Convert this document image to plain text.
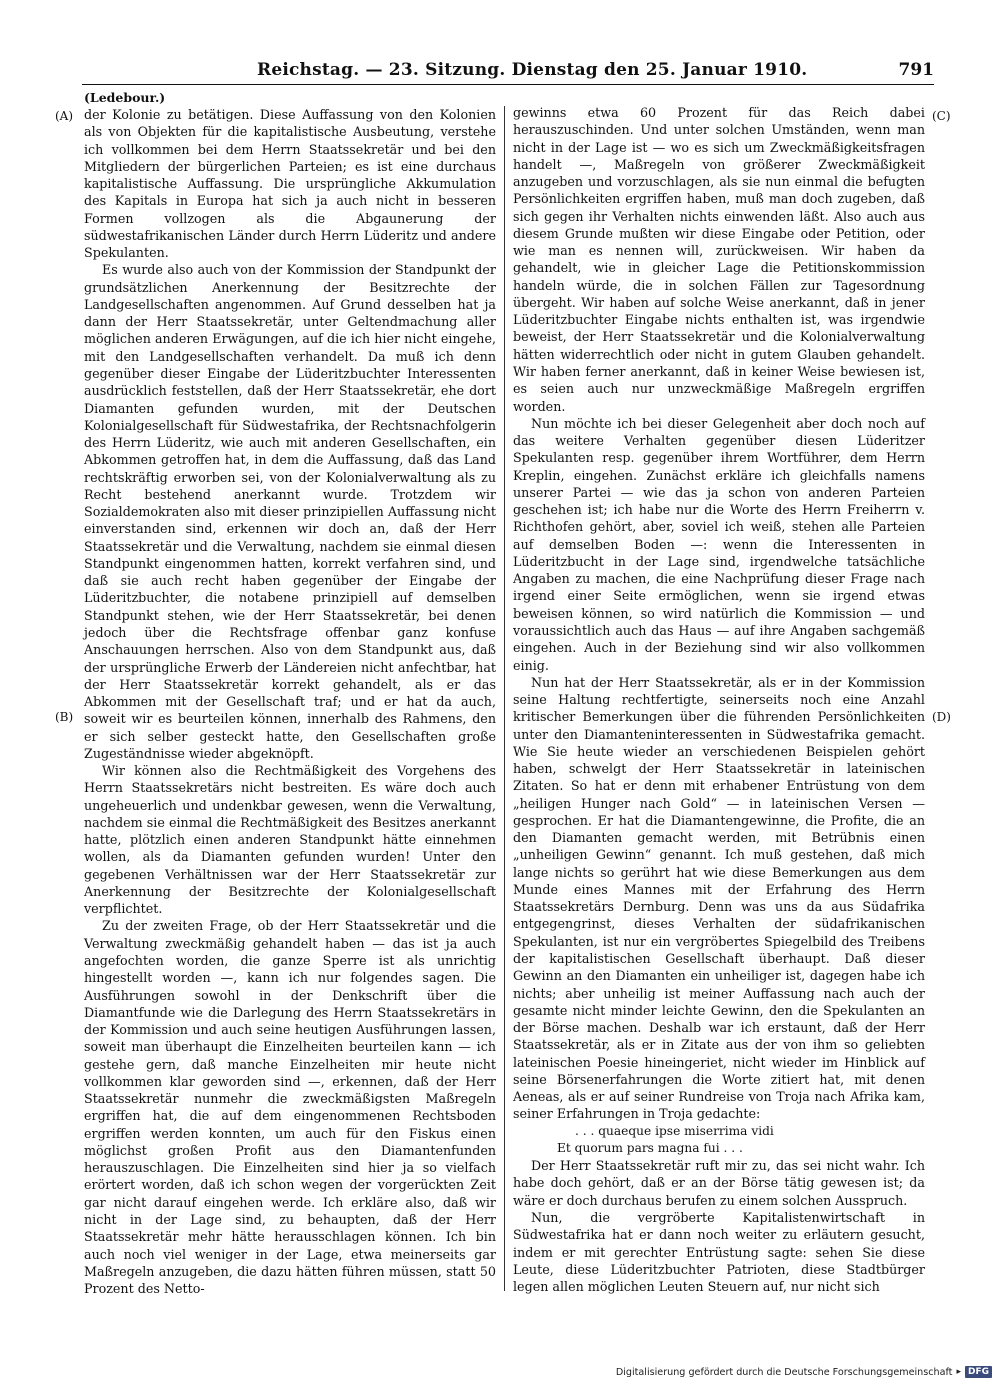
Reichstag. — 23. Sitzung. Dienstag den 25. Januar 1910.	791
(Ledebour.)
(A)
(B)
(C)
(D)

der Kolonie zu betätigen. Diese Auffassung von den Kolonien als von Objekten für die kapitalistische Ausbeutung, verstehe ich vollkommen bei dem Herrn Staatssekretär und bei den Mitgliedern der bürgerlichen Parteien; es ist eine durchaus kapitalistische Auffassung. Die ursprüngliche Akkumulation des Kapitals in Europa hat sich ja auch nicht in besseren Formen vollzogen als die Abgaunerung der südwestafrikanischen Länder durch Herrn Lüderitz und andere Spekulanten.

Es wurde also auch von der Kommission der Standpunkt der grundsätzlichen Anerkennung der Besitzrechte der Landgesellschaften angenommen. Auf Grund desselben hat ja dann der Herr Staatssekretär, unter Geltendmachung aller möglichen anderen Erwägungen, auf die ich hier nicht eingehe, mit den Landgesellschaften verhandelt. Da muß ich denn gegenüber dieser Eingabe der Lüderitzbuchter Interessenten ausdrücklich feststellen, daß der Herr Staatssekretär, ehe dort Diamanten gefunden wurden, mit der Deutschen Kolonialgesellschaft für Südwestafrika, der Rechtsnachfolgerin des Herrn Lüderitz, wie auch mit anderen Gesellschaften, ein Abkommen getroffen hat, in dem die Auffassung, daß das Land rechtskräftig erworben sei, von der Kolonialverwaltung als zu Recht bestehend anerkannt wurde. Trotzdem wir Sozialdemokraten also mit dieser prinzipiellen Auffassung nicht einverstanden sind, erkennen wir doch an, daß der Herr Staatssekretär und die Verwaltung, nachdem sie einmal diesen Standpunkt eingenommen hatten, korrekt verfahren sind, und daß sie auch recht haben gegenüber der Eingabe der Lüderitzbuchter, die notabene prinzipiell auf demselben Standpunkt stehen, wie der Herr Staatssekretär, bei denen jedoch über die Rechtsfrage offenbar ganz konfuse Anschauungen herrschen. Also von dem Standpunkt aus, daß der ursprüngliche Erwerb der Ländereien nicht anfechtbar, hat der Herr Staatssekretär korrekt gehandelt, als er das Abkommen mit der Gesellschaft traf; und er hat da auch, soweit wir es beurteilen können, innerhalb des Rahmens, den er sich selber gesteckt hatte, den Gesellschaften große Zugeständnisse wieder abgeknöpft.

Wir können also die Rechtmäßigkeit des Vorgehens des Herrn Staatssekretärs nicht bestreiten. Es wäre doch auch ungeheuerlich und undenkbar gewesen, wenn die Verwaltung, nachdem sie einmal die Rechtmäßigkeit des Besitzes anerkannt hatte, plötzlich einen anderen Standpunkt hätte einnehmen wollen, als da Diamanten gefunden wurden! Unter den gegebenen Verhältnissen war der Herr Staatssekretär zur Anerkennung der Besitzrechte der Kolonialgesellschaft verpflichtet.

Zu der zweiten Frage, ob der Herr Staatssekretär und die Verwaltung zweckmäßig gehandelt haben — das ist ja auch angefochten worden, die ganze Sperre ist als unrichtig hingestellt worden —, kann ich nur folgendes sagen. Die Ausführungen sowohl in der Denkschrift über die Diamantfunde wie die Darlegung des Herrn Staatssekretärs in der Kommission und auch seine heutigen Ausführungen lassen, soweit man überhaupt die Einzelheiten beurteilen kann — ich gestehe gern, daß manche Einzelheiten mir heute nicht vollkommen klar geworden sind —, erkennen, daß der Herr Staatssekretär nunmehr die zweckmäßigsten Maßregeln ergriffen hat, die auf dem eingenommenen Rechtsboden ergriffen werden konnten, um auch für den Fiskus einen möglichst großen Profit aus den Diamantenfunden herauszuschlagen. Die Einzelheiten sind hier ja so vielfach erörtert worden, daß ich schon wegen der vorgerückten Zeit gar nicht darauf eingehen werde. Ich erkläre also, daß wir nicht in der Lage sind, zu behaupten, daß der Herr Staatssekretär mehr hätte herausschlagen können. Ich bin auch noch viel weniger in der Lage, etwa meinerseits gar Maßregeln anzugeben, die dazu hätten führen müssen, statt 50 Prozent des Netto-

gewinns etwa 60 Prozent für das Reich dabei herauszuschinden. Und unter solchen Umständen, wenn man nicht in der Lage ist — wo es sich um Zweckmäßigkeitsfragen handelt —, Maßregeln von größerer Zweckmäßigkeit anzugeben und vorzuschlagen, als sie nun einmal die befugten Persönlichkeiten ergriffen haben, muß man doch zugeben, daß sich gegen ihr Verhalten nichts einwenden läßt. Also auch aus diesem Grunde mußten wir diese Eingabe oder Petition, oder wie man es nennen will, zurückweisen. Wir haben da gehandelt, wie in gleicher Lage die Petitionskommission handeln würde, die in solchen Fällen zur Tagesordnung übergeht. Wir haben auf solche Weise anerkannt, daß in jener Lüderitzbuchter Eingabe nichts enthalten ist, was irgendwie beweist, der Herr Staatssekretär und die Kolonialverwaltung hätten widerrechtlich oder nicht in gutem Glauben gehandelt. Wir haben ferner anerkannt, daß in keiner Weise bewiesen ist, es seien auch nur unzweckmäßige Maßregeln ergriffen worden.

Nun möchte ich bei dieser Gelegenheit aber doch noch auf das weitere Verhalten gegenüber diesen Lüderitzer Spekulanten resp. gegenüber ihrem Wortführer, dem Herrn Kreplin, eingehen. Zunächst erkläre ich gleichfalls namens unserer Partei — wie das ja schon von anderen Parteien geschehen ist; ich habe nur die Worte des Herrn Freiherrn v. Richthofen gehört, aber, soviel ich weiß, stehen alle Parteien auf demselben Boden —: wenn die Interessenten in Lüderitzbucht in der Lage sind, irgendwelche tatsächliche Angaben zu machen, die eine Nachprüfung dieser Frage nach irgend einer Seite ermöglichen, wenn sie irgend etwas beweisen können, so wird natürlich die Kommission — und voraussichtlich auch das Haus — auf ihre Angaben sachgemäß eingehen. Auch in der Beziehung sind wir also vollkommen einig.

Nun hat der Herr Staatssekretär, als er in der Kommission seine Haltung rechtfertigte, seinerseits noch eine Anzahl kritischer Bemerkungen über die führenden Persönlichkeiten unter den Diamanteninteressenten in Südwestafrika gemacht. Wie Sie heute wieder an verschiedenen Beispielen gehört haben, schwelgt der Herr Staatssekretär in lateinischen Zitaten. So hat er denn mit erhabener Entrüstung von dem „heiligen Hunger nach Gold“ — in lateinischen Versen — gesprochen. Er hat die Diamantengewinne, die Profite, die an den Diamanten gemacht werden, mit Betrübnis einen „unheiligen Gewinn“ genannt. Ich muß gestehen, daß mich lange nichts so gerührt hat wie diese Bemerkungen aus dem Munde eines Mannes mit der Erfahrung des Herrn Staatssekretärs Dernburg. Denn was uns da aus Südafrika entgegengrinst, dieses Verhalten der südafrikanischen Spekulanten, ist nur ein vergröbertes Spiegelbild des Treibens der kapitalistischen Gesellschaft überhaupt. Daß dieser Gewinn an den Diamanten ein unheiliger ist, dagegen habe ich nichts; aber unheilig ist meiner Auffassung nach auch der gesamte nicht minder leichte Gewinn, den die Spekulanten an der Börse machen. Deshalb war ich erstaunt, daß der Herr Staatssekretär, als er in Zitate aus der von ihm so geliebten lateinischen Poesie hineingeriet, nicht wieder im Hinblick auf seine Börsenerfahrungen die Worte zitiert hat, mit denen Aeneas, als er auf seiner Rundreise von Troja nach Afrika kam, seiner Erfahrungen in Troja gedachte:

. . . quaeque ipse miserrima vidi

Et quorum pars magna fui . . .

Der Herr Staatssekretär ruft mir zu, das sei nicht wahr. Ich habe doch gehört, daß er an der Börse tätig gewesen ist; da wäre er doch durchaus berufen zu einem solchen Ausspruch.

Nun, die vergröberte Kapitalistenwirtschaft in Südwestafrika hat er dann noch weiter zu erläutern gesucht, indem er mit gerechter Entrüstung sagte: sehen Sie diese Leute, diese Lüderitzbuchter Patrioten, diese Stadtbürger legen allen möglichen Leuten Steuern auf, nur nicht sich

Digitalisierung gefördert durch die Deutsche Forschungsgemeinschaft ▸ DFG
